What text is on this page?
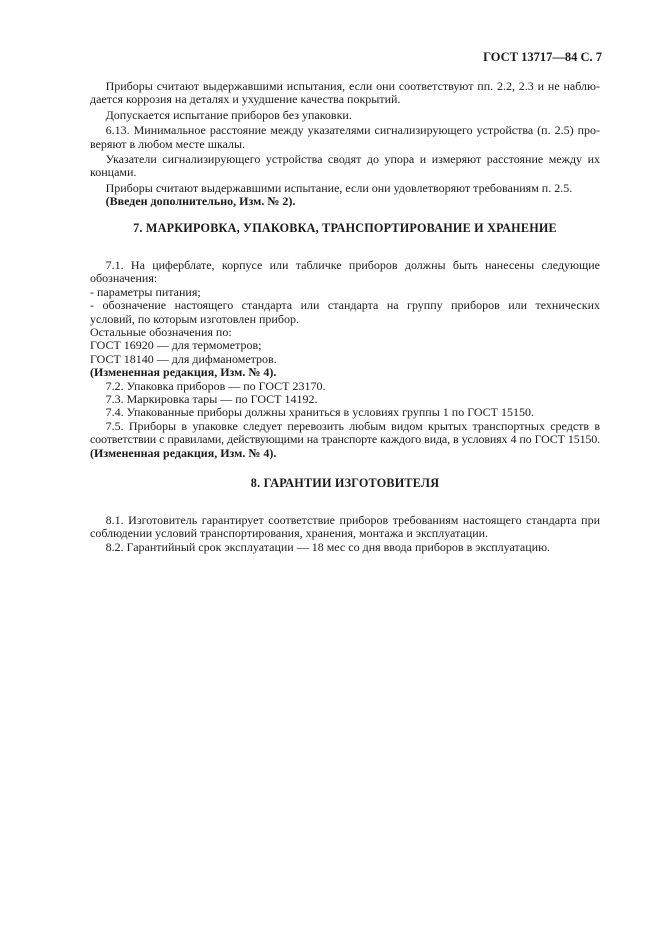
ГОСТ 13717—84 С. 7
Приборы считают выдержавшими испытания, если они соответствуют пп. 2.2, 2.3 и не наблю-
дается коррозия на деталях и ухудшение качества покрытий.
Допускается испытание приборов без упаковки.
6.13. Минимальное расстояние между указателями сигнализирующего устройства (п. 2.5) про-
веряют в любом месте шкалы.
Указатели сигнализирующего устройства сводят до упора и измеряют расстояние между их
концами.
Приборы считают выдержавшими испытание, если они удовлетворяют требованиям п. 2.5.
(Введен дополнительно, Изм. № 2).
7. МАРКИРОВКА, УПАКОВКА, ТРАНСПОРТИРОВАНИЕ И ХРАНЕНИЕ
7.1. На циферблате, корпусе или табличке приборов должны быть нанесены следующие
обозначения:
- параметры питания;
- обозначение настоящего стандарта или стандарта на группу приборов или технических
условий, по которым изготовлен прибор.
Остальные обозначения по:
ГОСТ 16920 — для термометров;
ГОСТ 18140 — для дифманометров.
(Измененная редакция, Изм. № 4).
7.2. Упаковка приборов — по ГОСТ 23170.
7.3. Маркировка тары — по ГОСТ 14192.
7.4. Упакованные приборы должны храниться в условиях группы 1 по ГОСТ 15150.
7.5. Приборы в упаковке следует перевозить любым видом крытых транспортных средств в
соответствии с правилами, действующими на транспорте каждого вида, в условиях 4 по ГОСТ 15150.
(Измененная редакция, Изм. № 4).
8. ГАРАНТИИ ИЗГОТОВИТЕЛЯ
8.1. Изготовитель гарантирует соответствие приборов требованиям настоящего стандарта при
соблюдении условий транспортирования, хранения, монтажа и эксплуатации.
8.2. Гарантийный срок эксплуатации — 18 мес со дня ввода приборов в эксплуатацию.
